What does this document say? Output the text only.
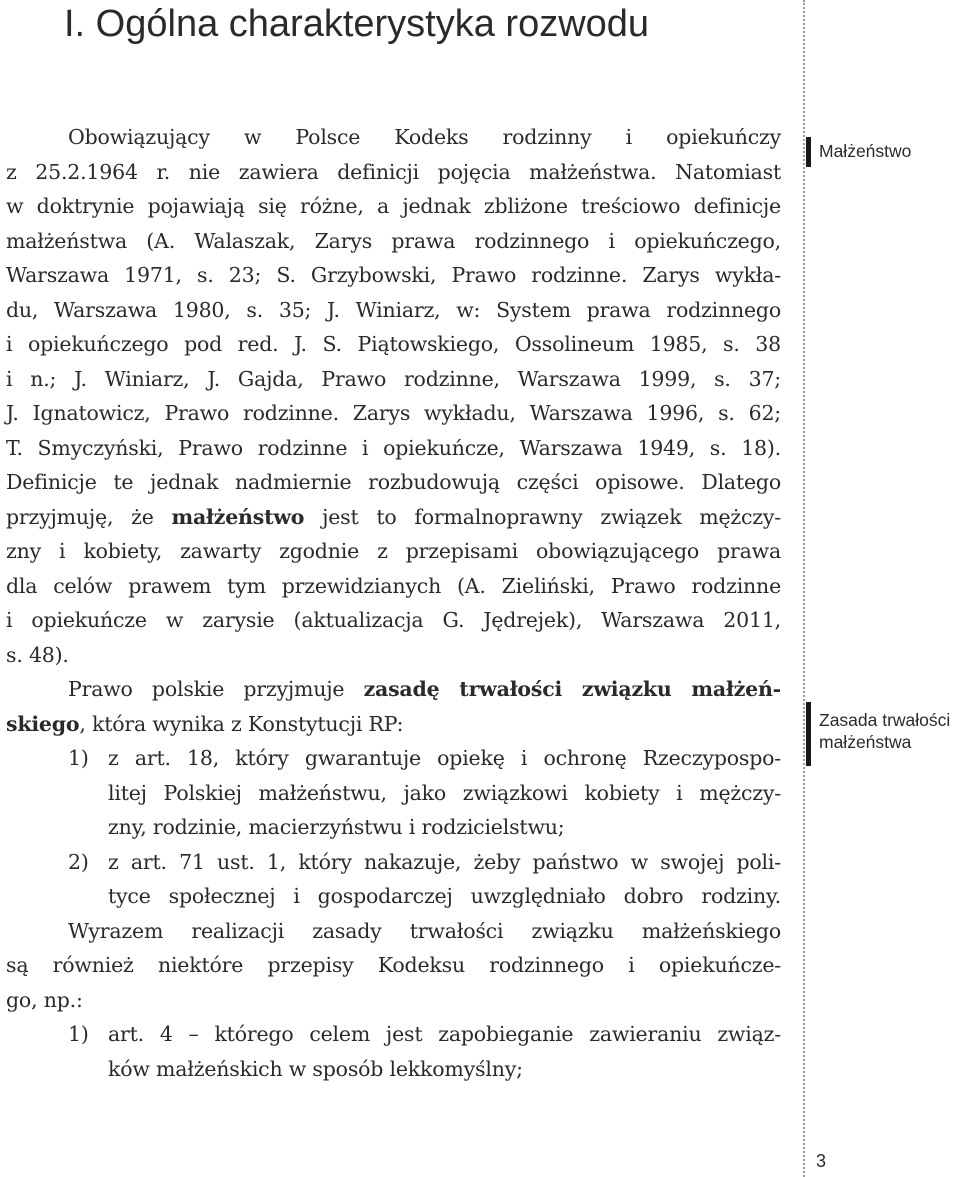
I. Ogólna charakterystyka rozwodu
Obowiązujący w Polsce Kodeks rodzinny i opiekuńczy
z 25.2.1964 r. nie zawiera definicji pojęcia małżeństwa. Natomiast
w doktrynie pojawiają się różne, a jednak zbliżone treściowo definicje
małżeństwa (A. Walaszak, Zarys prawa rodzinnego i opiekuńczego,
Warszawa 1971, s. 23; S. Grzybowski, Prawo rodzinne. Zarys wykła-
du, Warszawa 1980, s. 35; J. Winiarz, w: System prawa rodzinnego
i opiekuńczego pod red. J. S. Piątowskiego, Ossolineum 1985, s. 38
i n.; J. Winiarz, J. Gajda, Prawo rodzinne, Warszawa 1999, s. 37;
J. Ignatowicz, Prawo rodzinne. Zarys wykładu, Warszawa 1996, s. 62;
T. Smyczyński, Prawo rodzinne i opiekuńcze, Warszawa 1949, s. 18).
Definicje te jednak nadmiernie rozbudowują części opisowe. Dlatego
przyjmuję, że małżeństwo jest to formalnoprawny związek mężczy-
zny i kobiety, zawarty zgodnie z przepisami obowiązującego prawa
dla celów prawem tym przewidzianych (A. Zieliński, Prawo rodzinne
i opiekuńcze w zarysie (aktualizacja G. Jędrejek), Warszawa 2011,
s. 48).
Prawo polskie przyjmuje zasadę trwałości związku małżeń-
skiego, która wynika z Konstytucji RP:
1) z art. 18, który gwarantuje opiekę i ochronę Rzeczypospo-
litej Polskiej małżeństwu, jako związkowi kobiety i mężczy-
zny, rodzinie, macierzyństwu i rodzicielstwu;
2) z art. 71 ust. 1, który nakazuje, żeby państwo w swojej poli-
tyce społecznej i gospodarczej uwzględniało dobro rodziny.
Wyrazem realizacji zasady trwałości związku małżeńskiego
są również niektóre przepisy Kodeksu rodzinnego i opiekuńcze-
go, np.:
1) art. 4 – którego celem jest zapobieganie zawieraniu związ-
ków małżeńskich w sposób lekkomyślny;
Małżeństwo
Zasada trwałości
małżeństwa
3
